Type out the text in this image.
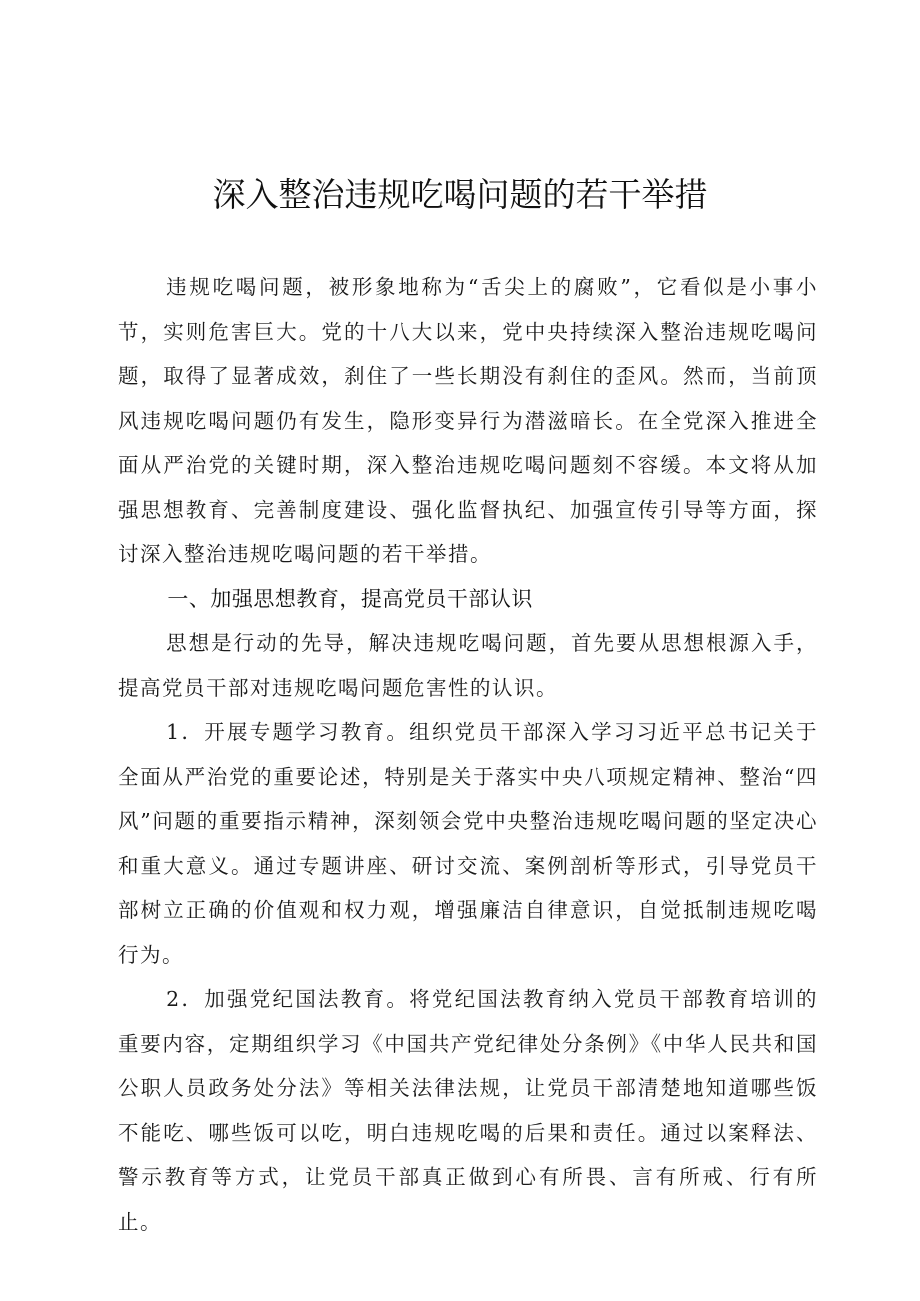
深入整治违规吃喝问题的若干举措

违规吃喝问题，被形象地称为“舌尖上的腐败”，它看似是小事小节，实则危害巨大。党的十八大以来，党中央持续深入整治违规吃喝问题，取得了显著成效，刹住了一些长期没有刹住的歪风。然而，当前顶风违规吃喝问题仍有发生，隐形变异行为潜滋暗长。在全党深入推进全面从严治党的关键时期，深入整治违规吃喝问题刻不容缓。本文将从加强思想教育、完善制度建设、强化监督执纪、加强宣传引导等方面，探讨深入整治违规吃喝问题的若干举措。

一、加强思想教育，提高党员干部认识

思想是行动的先导，解决违规吃喝问题，首先要从思想根源入手，提高党员干部对违规吃喝问题危害性的认识。

1．开展专题学习教育。组织党员干部深入学习习近平总书记关于全面从严治党的重要论述，特别是关于落实中央八项规定精神、整治“四风”问题的重要指示精神，深刻领会党中央整治违规吃喝问题的坚定决心和重大意义。通过专题讲座、研讨交流、案例剖析等形式，引导党员干部树立正确的价值观和权力观，增强廉洁自律意识，自觉抵制违规吃喝行为。

2．加强党纪国法教育。将党纪国法教育纳入党员干部教育培训的重要内容，定期组织学习《中国共产党纪律处分条例》《中华人民共和国公职人员政务处分法》等相关法律法规，让党员干部清楚地知道哪些饭不能吃、哪些饭可以吃，明白违规吃喝的后果和责任。通过以案释法、警示教育等方式，让党员干部真正做到心有所畏、言有所戒、行有所止。
